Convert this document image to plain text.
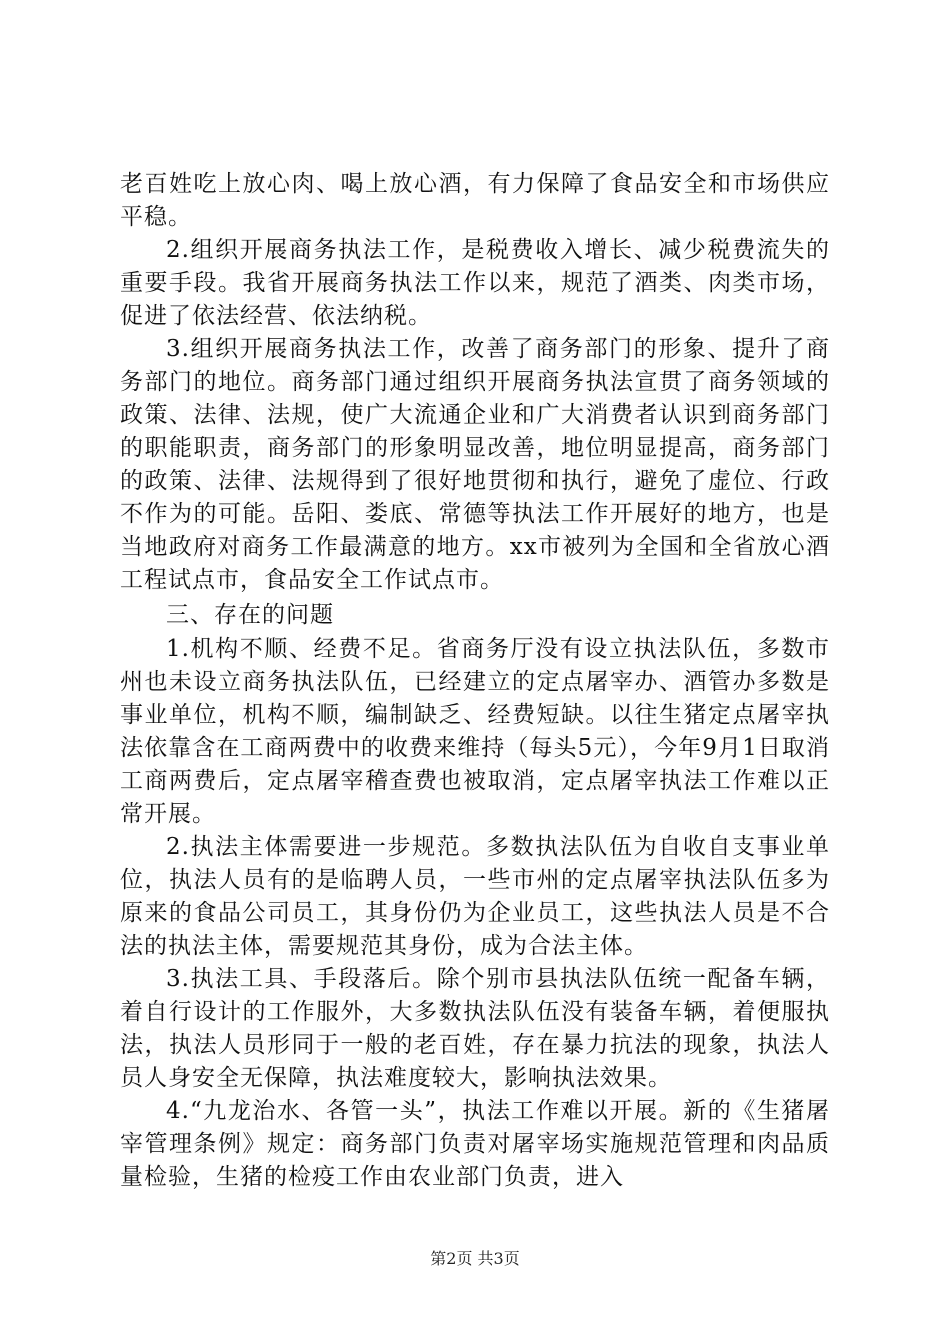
老百姓吃上放心肉、喝上放心酒，有力保障了食品安全和市场供应平稳。

2.组织开展商务执法工作，是税费收入增长、减少税费流失的重要手段。我省开展商务执法工作以来，规范了酒类、肉类市场，促进了依法经营、依法纳税。

3.组织开展商务执法工作，改善了商务部门的形象、提升了商务部门的地位。商务部门通过组织开展商务执法宣贯了商务领域的政策、法律、法规，使广大流通企业和广大消费者认识到商务部门的职能职责，商务部门的形象明显改善，地位明显提高，商务部门的政策、法律、法规得到了很好地贯彻和执行，避免了虚位、行政不作为的可能。岳阳、娄底、常德等执法工作开展好的地方，也是当地政府对商务工作最满意的地方。xx市被列为全国和全省放心酒工程试点市，食品安全工作试点市。

三、存在的问题

1.机构不顺、经费不足。省商务厅没有设立执法队伍，多数市州也未设立商务执法队伍，已经建立的定点屠宰办、酒管办多数是事业单位，机构不顺，编制缺乏、经费短缺。以往生猪定点屠宰执法依靠含在工商两费中的收费来维持（每头5元），今年9月1日取消工商两费后，定点屠宰稽查费也被取消，定点屠宰执法工作难以正常开展。

2.执法主体需要进一步规范。多数执法队伍为自收自支事业单位，执法人员有的是临聘人员，一些市州的定点屠宰执法队伍多为原来的食品公司员工，其身份仍为企业员工，这些执法人员是不合法的执法主体，需要规范其身份，成为合法主体。

3.执法工具、手段落后。除个别市县执法队伍统一配备车辆，着自行设计的工作服外，大多数执法队伍没有装备车辆，着便服执法，执法人员形同于一般的老百姓，存在暴力抗法的现象，执法人员人身安全无保障，执法难度较大，影响执法效果。

4.“九龙治水、各管一头”，执法工作难以开展。新的《生猪屠宰管理条例》规定：商务部门负责对屠宰场实施规范管理和肉品质量检验，生猪的检疫工作由农业部门负责，进入

第2页 共3页
